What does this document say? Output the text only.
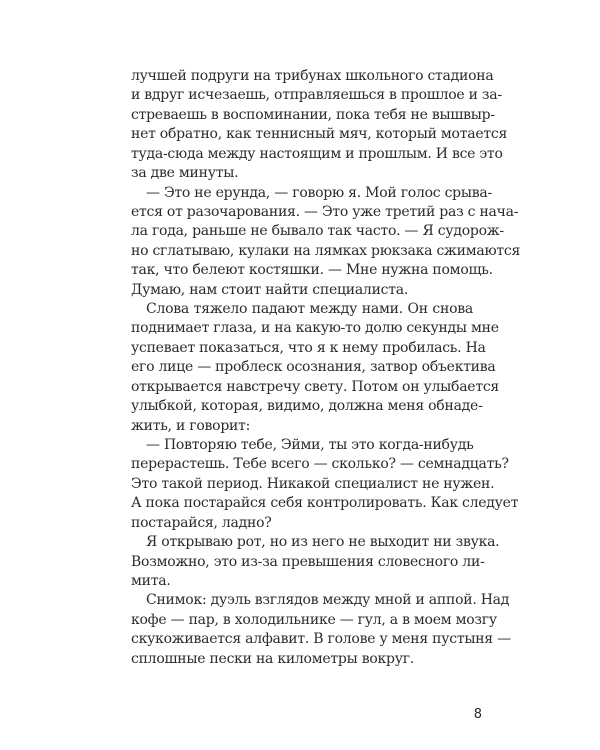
лучшей подруги на трибунах школьного стадиона
и вдруг исчезаешь, отправляешься в прошлое и за-
стреваешь в воспоминании, пока тебя не вышвыр-
нет обратно, как теннисный мяч, который мотается
туда-сюда между настоящим и прошлым. И все это
за две минуты.
— Это не ерунда, — говорю я. Мой голос срыва-
ется от разочарования. — Это уже третий раз с нача-
ла года, раньше не бывало так часто. — Я судорож-
но сглатываю, кулаки на лямках рюкзака сжимаются
так, что белеют костяшки. — Мне нужна помощь.
Думаю, нам стоит найти специалиста.
Слова тяжело падают между нами. Он снова
поднимает глаза, и на какую-то долю секунды мне
успевает показаться, что я к нему пробилась. На
его лице — проблеск осознания, затвор объектива
открывается навстречу свету. Потом он улыбается
улыбкой, которая, видимо, должна меня обнаде-
жить, и говорит:
— Повторяю тебе, Эйми, ты это когда-нибудь
перерастешь. Тебе всего — сколько? — семнадцать?
Это такой период. Никакой специалист не нужен.
А пока постарайся себя контролировать. Как следует
постарайся, ладно?
Я открываю рот, но из него не выходит ни звука.
Возможно, это из-за превышения словесного ли-
мита.
Снимок: дуэль взглядов между мной и аппой. Над
кофе — пар, в холодильнике — гул, а в моем мозгу
скукоживается алфавит. В голове у меня пустыня —
сплошные пески на километры вокруг.
8
